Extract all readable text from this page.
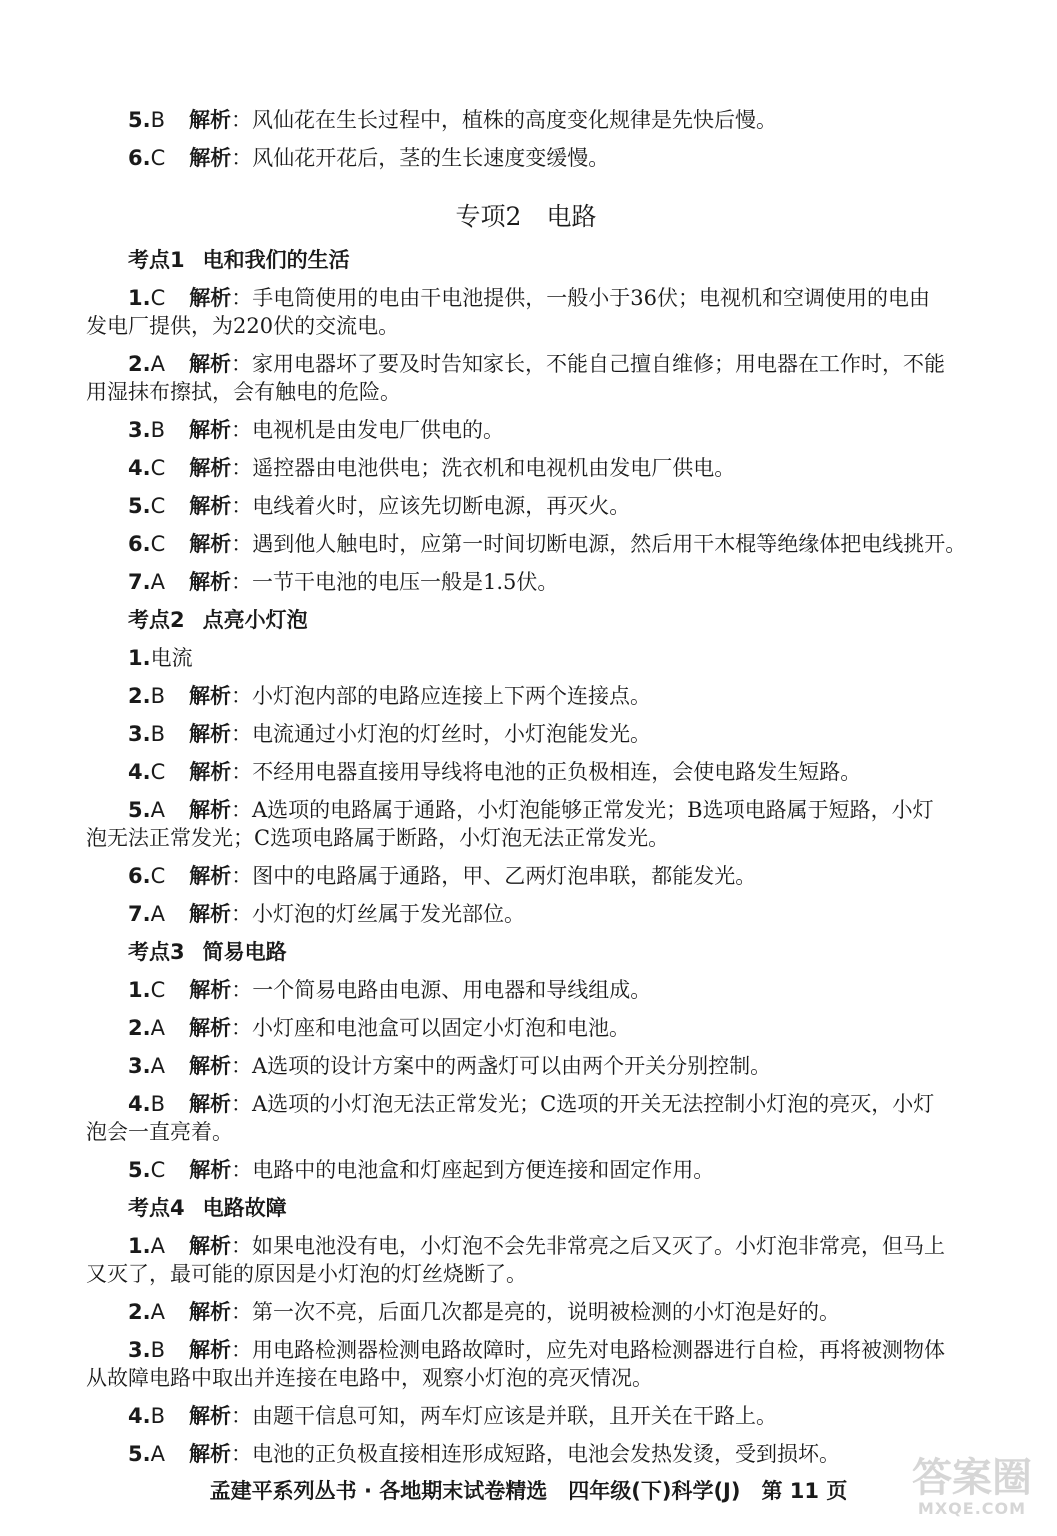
5.B 解析：风仙花在生长过程中，植株的高度变化规律是先快后慢。
6.C 解析：风仙花开花后，茎的生长速度变缓慢。
专项2　电路
考点1 电和我们的生活
1.C 解析：手电筒使用的电由干电池提供，一般小于36伏；电视机和空调使用的电由
发电厂提供，为220伏的交流电。
2.A 解析：家用电器坏了要及时告知家长，不能自己擅自维修；用电器在工作时，不能
用湿抹布擦拭，会有触电的危险。
3.B 解析：电视机是由发电厂供电的。
4.C 解析：遥控器由电池供电；洗衣机和电视机由发电厂供电。
5.C 解析：电线着火时，应该先切断电源，再灭火。
6.C 解析：遇到他人触电时，应第一时间切断电源，然后用干木棍等绝缘体把电线挑开。
7.A 解析：一节干电池的电压一般是1.5伏。
考点2 点亮小灯泡
1.电流
2.B 解析：小灯泡内部的电路应连接上下两个连接点。
3.B 解析：电流通过小灯泡的灯丝时，小灯泡能发光。
4.C 解析：不经用电器直接用导线将电池的正负极相连，会使电路发生短路。
5.A 解析：A选项的电路属于通路，小灯泡能够正常发光；B选项电路属于短路，小灯
泡无法正常发光；C选项电路属于断路，小灯泡无法正常发光。
6.C 解析：图中的电路属于通路，甲、乙两灯泡串联，都能发光。
7.A 解析：小灯泡的灯丝属于发光部位。
考点3 简易电路
1.C 解析：一个简易电路由电源、用电器和导线组成。
2.A 解析：小灯座和电池盒可以固定小灯泡和电池。
3.A 解析：A选项的设计方案中的两盏灯可以由两个开关分别控制。
4.B 解析：A选项的小灯泡无法正常发光；C选项的开关无法控制小灯泡的亮灭，小灯
泡会一直亮着。
5.C 解析：电路中的电池盒和灯座起到方便连接和固定作用。
考点4 电路故障
1.A 解析：如果电池没有电，小灯泡不会先非常亮之后又灭了。小灯泡非常亮，但马上
又灭了，最可能的原因是小灯泡的灯丝烧断了。
2.A 解析：第一次不亮，后面几次都是亮的，说明被检测的小灯泡是好的。
3.B 解析：用电路检测器检测电路故障时，应先对电路检测器进行自检，再将被测物体
从故障电路中取出并连接在电路中，观察小灯泡的亮灭情况。
4.B 解析：由题干信息可知，两车灯应该是并联，且开关在干路上。
5.A 解析：电池的正负极直接相连形成短路，电池会发热发烫，受到损坏。
孟建平系列丛书 · 各地期末试卷精选　四年级(下)科学(J)　第 11 页	答案圈
MXQE.COM
